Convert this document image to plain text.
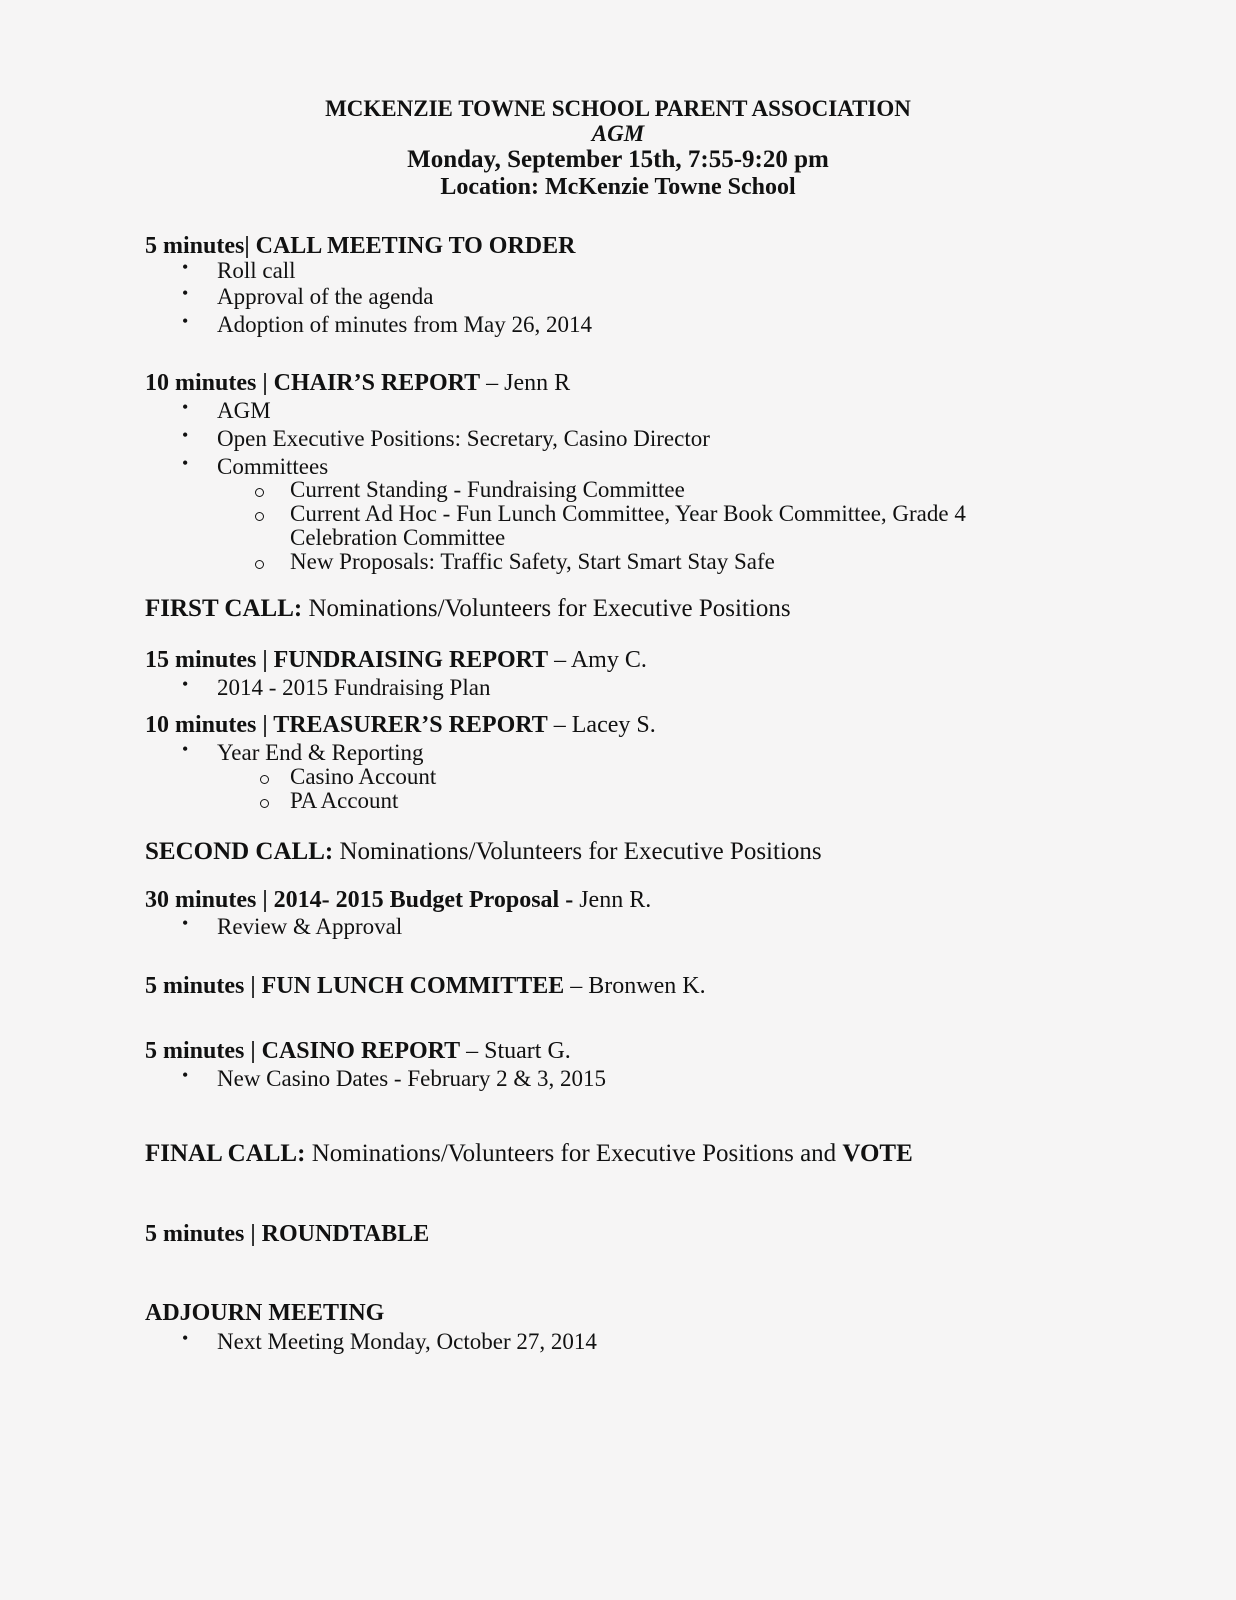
MCKENZIE TOWNE SCHOOL PARENT ASSOCIATION
AGM
Monday, September 15th, 7:55-9:20 pm
Location: McKenzie Towne School
5 minutes| CALL MEETING TO ORDER
• Roll call
• Approval of the agenda
• Adoption of minutes from May 26, 2014
10 minutes | CHAIR’S REPORT – Jenn R
• AGM
• Open Executive Positions: Secretary, Casino Director
• Committees
Current Standing - Fundraising Committee
Current Ad Hoc - Fun Lunch Committee, Year Book Committee, Grade 4
Celebration Committee
New Proposals: Traffic Safety, Start Smart Stay Safe
FIRST CALL: Nominations/Volunteers for Executive Positions
15 minutes | FUNDRAISING REPORT – Amy C.
• 2014 - 2015 Fundraising Plan
10 minutes | TREASURER’S REPORT – Lacey S.
• Year End & Reporting
Casino Account
PA Account
SECOND CALL: Nominations/Volunteers for Executive Positions
30 minutes | 2014- 2015 Budget Proposal - Jenn R.
• Review & Approval
5 minutes | FUN LUNCH COMMITTEE – Bronwen K.
5 minutes | CASINO REPORT – Stuart G.
• New Casino Dates - February 2 & 3, 2015
FINAL CALL: Nominations/Volunteers for Executive Positions and VOTE
5 minutes | ROUNDTABLE
ADJOURN MEETING
• Next Meeting Monday, October 27, 2014
